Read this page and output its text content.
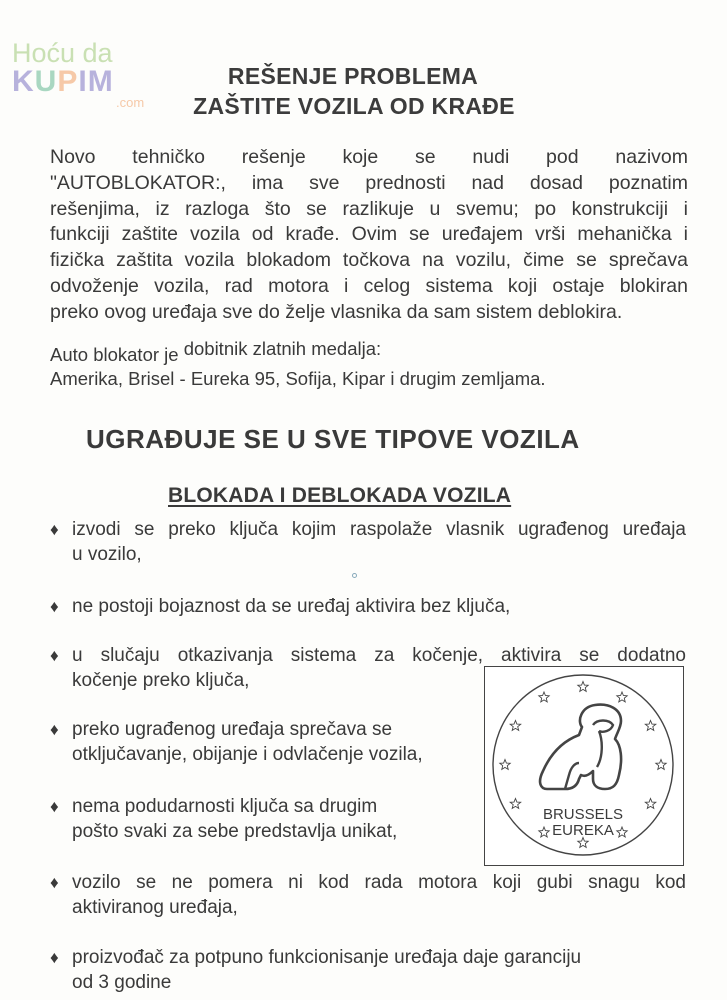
Hoću da
KUPIM
.com
REŠENJE PROBLEMA
ZAŠTITE VOZILA OD KRAĐE
Novo tehničko rešenje koje se nudi pod nazivom
"AUTOBLOKATOR:, ima sve prednosti nad dosad poznatim
rešenjima, iz razloga što se razlikuje u svemu; po konstrukciji i
funkciji zaštite vozila od krađe. Ovim se uređajem vrši mehanička i
fizička zaštita vozila blokadom točkova na vozilu, čime se sprečava
odvoženje vozila, rad motora i celog sistema koji ostaje blokiran
preko ovog uređaja sve do želje vlasnika da sam sistem deblokira.
Auto blokator je dobitnik zlatnih medalja:
Amerika, Brisel - Eureka 95, Sofija, Kipar i drugim zemljama.
UGRAĐUJE SE U SVE TIPOVE VOZILA
BLOKADA I DEBLOKADA VOZILA
♦ izvodi se preko ključa kojim raspolaže vlasnik ugrađenog uređaja
u vozilo,
♦ ne postoji bojaznost da se uređaj aktivira bez ključa,
♦ u slučaju otkazivanja sistema za kočenje, aktivira se dodatno
kočenje preko ključa,
♦ preko ugrađenog uređaja sprečava se
otključavanje, obijanje i odvlačenje vozila,
♦ nema podudarnosti ključa sa drugim
pošto svaki za sebe predstavlja unikat,
♦ vozilo se ne pomera ni kod rada motora koji gubi snagu kod
aktiviranog uređaja,
♦ proizvođač za potpuno funkcionisanje uređaja daje garanciju
od 3 godine
BRUSSELS
EUREKA
